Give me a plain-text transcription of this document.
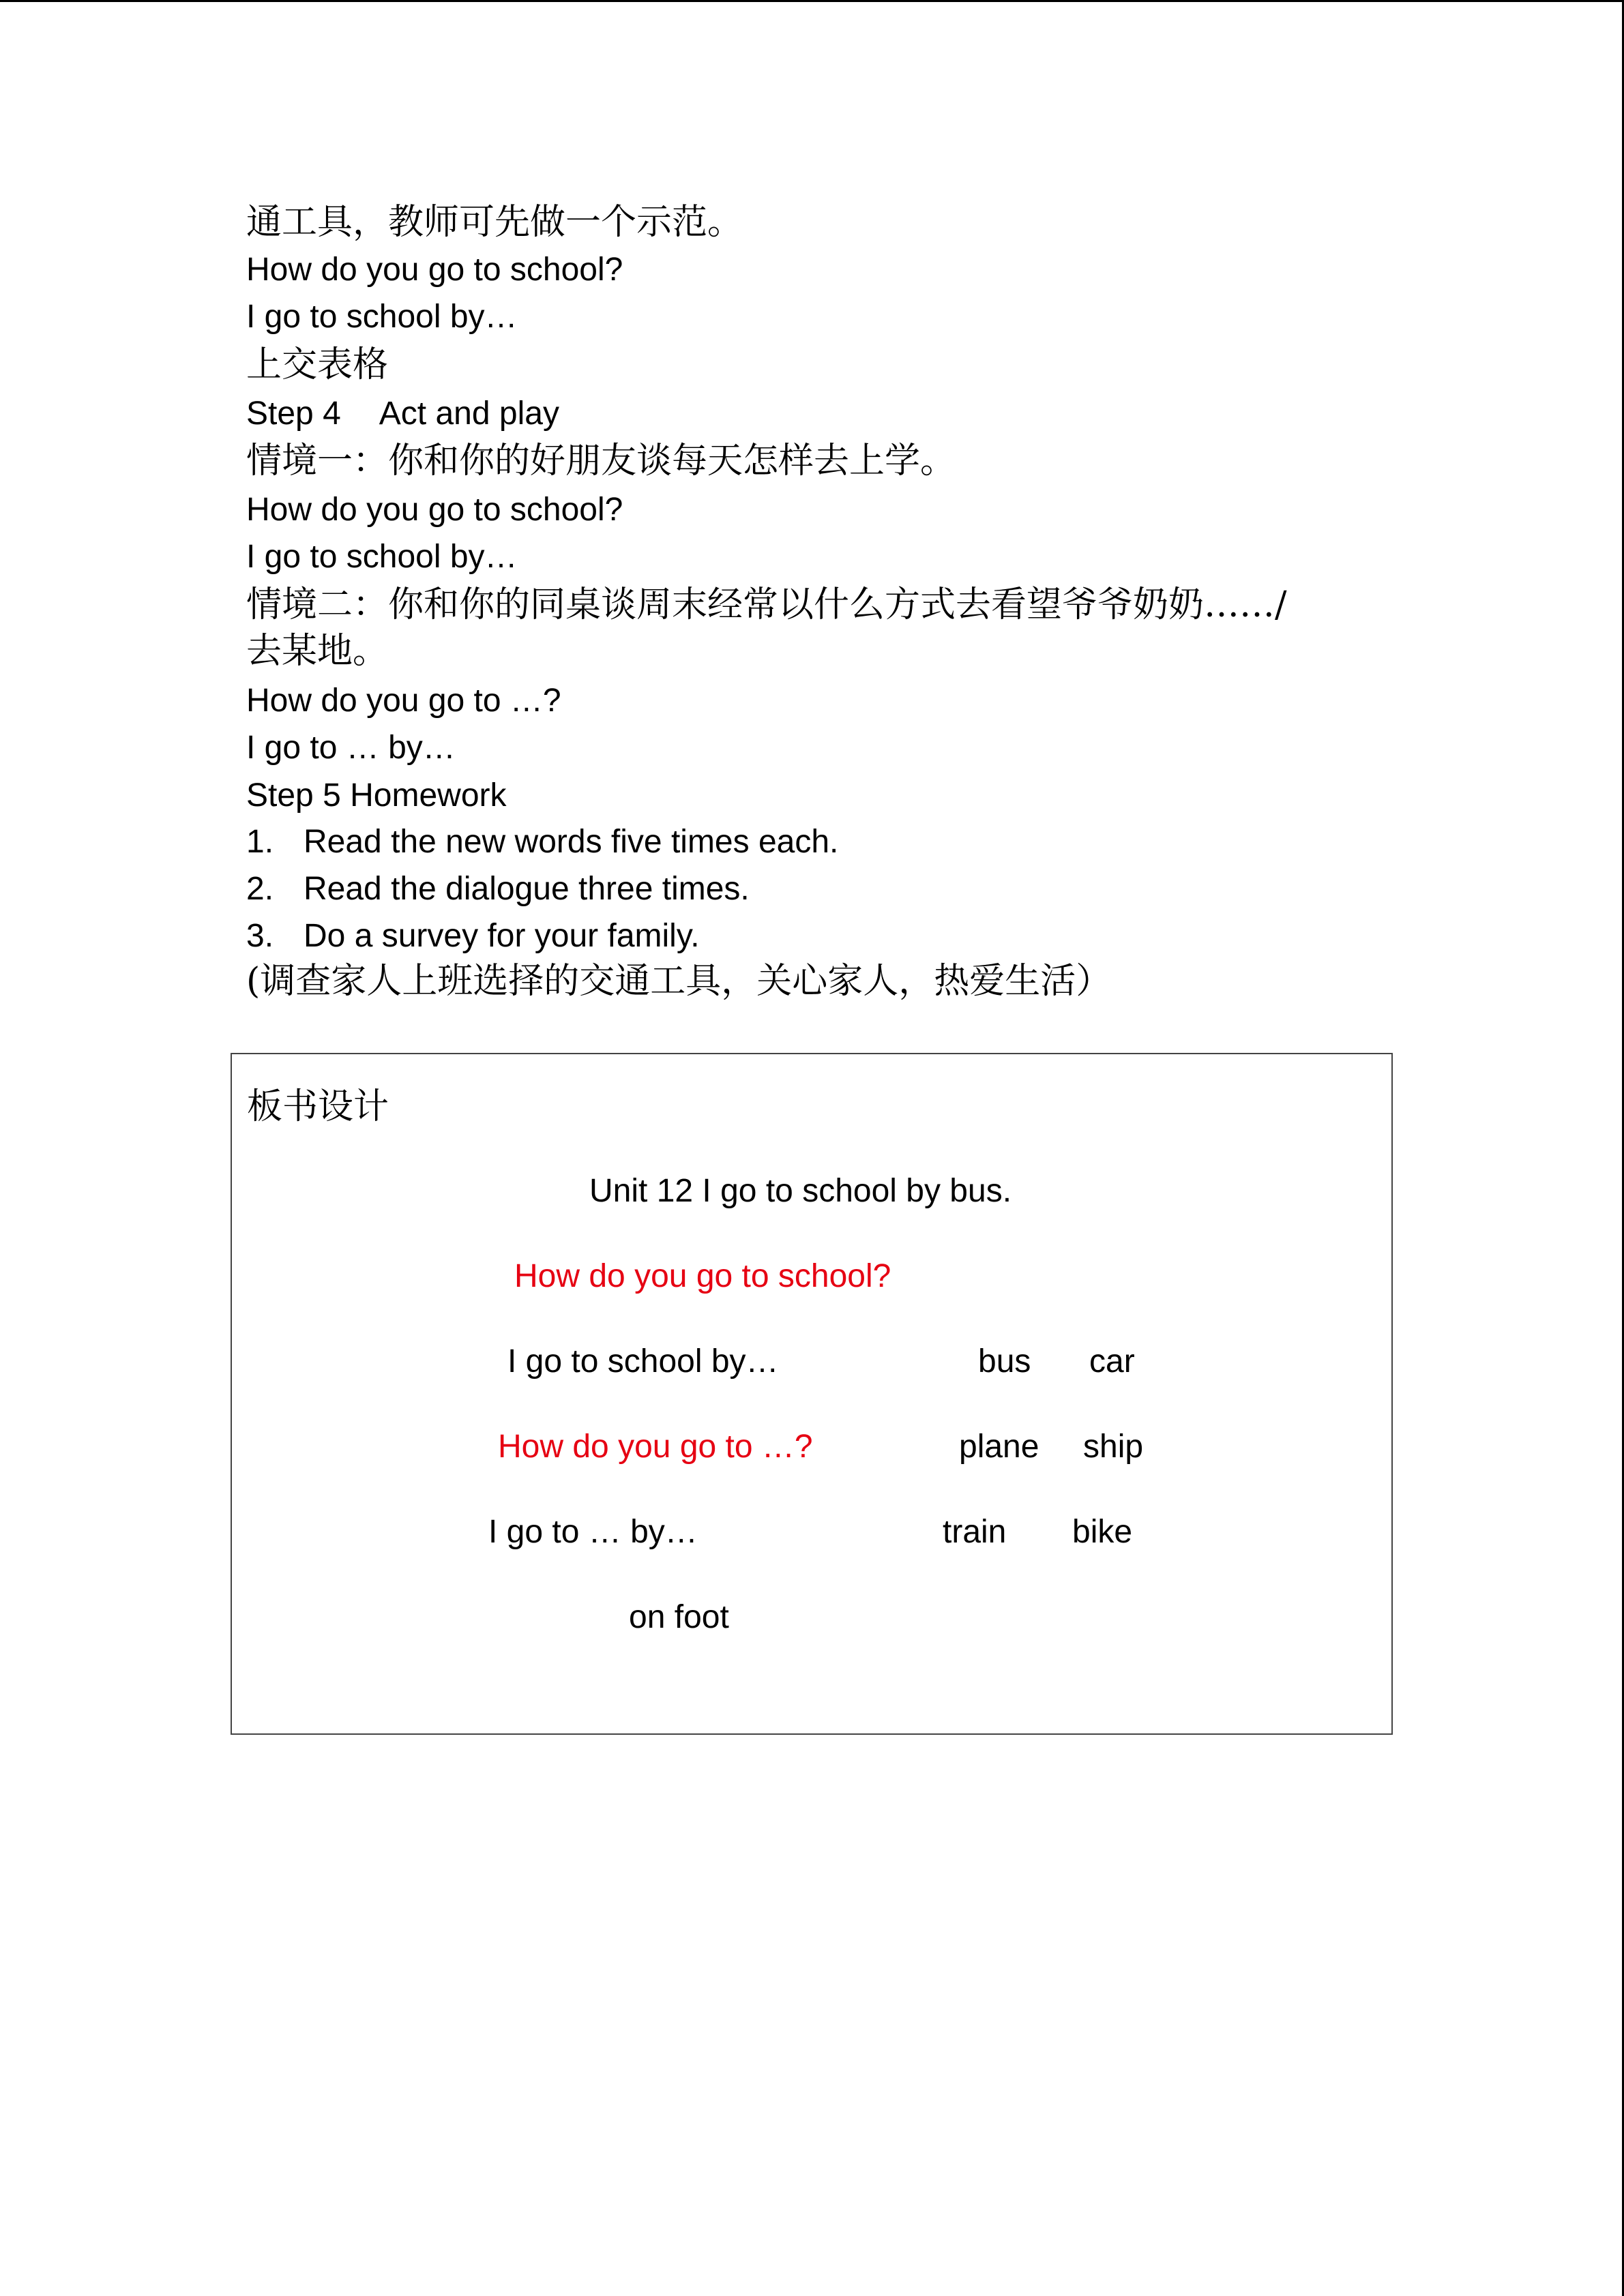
通工具，教师可先做一个示范。
How do you go to school?
I go to school by…
上交表格
Step 4 Act and play
情境一：你和你的好朋友谈每天怎样去上学。
How do you go to school?
I go to school by…
情境二：你和你的同桌谈周末经常以什么方式去看望爷爷奶奶……/
去某地。
How do you go to …?
I go to … by…
Step 5 Homework
1. Read the new words five times each.
2. Read the dialogue three times.
3. Do a survey for your family.
(调查家人上班选择的交通工具，关心家人，热爱生活）
板书设计
Unit 12 I go to school by bus.
How do you go to school?
I go to school by…	bus car
How do you go to …?	plane ship
I go to … by…	train bike
on foot
